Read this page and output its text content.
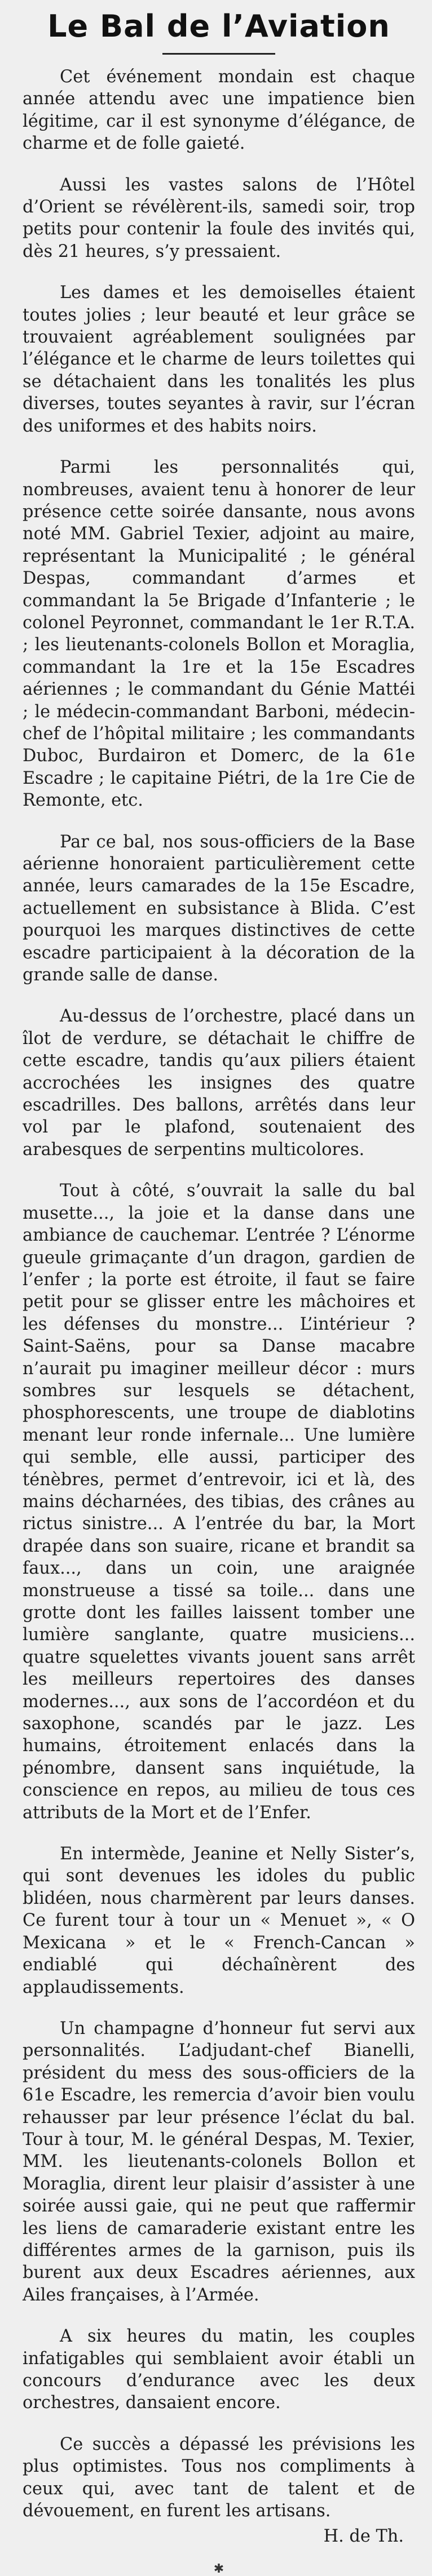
Le Bal de l’Aviation

Cet événement mondain est chaque année attendu avec une impatience bien légitime, car il est synonyme d’élégance, de charme et de folle gaieté.

Aussi les vastes salons de l’Hôtel d’Orient se révélèrent-ils, samedi soir, trop petits pour contenir la foule des invités qui, dès 21 heures, s’y pressaient.

Les dames et les demoiselles étaient toutes jolies ; leur beauté et leur grâce se trouvaient agréablement soulignées par l’élégance et le charme de leurs toilettes qui se détachaient dans les tonalités les plus diverses, toutes seyantes à ravir, sur l’écran des uniformes et des habits noirs.

Parmi les personnalités qui, nombreuses, avaient tenu à honorer de leur présence cette soirée dansante, nous avons noté MM. Gabriel Texier, adjoint au maire, représentant la Municipalité ; le général Despas, commandant d’armes et commandant la 5e Brigade d’Infanterie ; le colonel Peyronnet, commandant le 1er R.T.A. ; les lieutenants-colonels Bollon et Moraglia, commandant la 1re et la 15e Escadres aériennes ; le commandant du Génie Mattéi ; le médecin-commandant Barboni, médecin-chef de l’hôpital militaire ; les commandants Duboc, Burdairon et Domerc, de la 61e Escadre ; le capitaine Piétri, de la 1re Cie de Remonte, etc.

Par ce bal, nos sous-officiers de la Base aérienne honoraient particulièrement cette année, leurs camarades de la 15e Escadre, actuellement en subsistance à Blida. C’est pourquoi les marques distinctives de cette escadre participaient à la décoration de la grande salle de danse.

Au-dessus de l’orchestre, placé dans un îlot de verdure, se détachait le chiffre de cette escadre, tandis qu’aux piliers étaient accrochées les insignes des quatre escadrilles. Des ballons, arrêtés dans leur vol par le plafond, soutenaient des arabesques de serpentins multicolores.

Tout à côté, s’ouvrait la salle du bal musette..., la joie et la danse dans une ambiance de cauchemar. L’entrée ? L’énorme gueule grimaçante d’un dragon, gardien de l’enfer ; la porte est étroite, il faut se faire petit pour se glisser entre les mâchoires et les défenses du monstre... L’intérieur ? Saint-Saëns, pour sa Danse macabre n’aurait pu imaginer meilleur décor : murs sombres sur lesquels se détachent, phosphorescents, une troupe de diablotins menant leur ronde infernale... Une lumière qui semble, elle aussi, participer des ténèbres, permet d’entrevoir, ici et là, des mains décharnées, des tibias, des crânes au rictus sinistre... A l’entrée du bar, la Mort drapée dans son suaire, ricane et brandit sa faux..., dans un coin, une araignée monstrueuse a tissé sa toile... dans une grotte dont les failles laissent tomber une lumière sanglante, quatre musiciens... quatre squelettes vivants jouent sans arrêt les meilleurs repertoires des danses modernes..., aux sons de l’accordéon et du saxophone, scandés par le jazz. Les humains, étroitement enlacés dans la pénombre, dansent sans inquiétude, la conscience en repos, au milieu de tous ces attributs de la Mort et de l’Enfer.

En intermède, Jeanine et Nelly Sister’s, qui sont devenues les idoles du public blidéen, nous charmèrent par leurs danses. Ce furent tour à tour un « Menuet », « O Mexicana » et le « French-Cancan » endiablé qui déchaînèrent des applaudissements.

Un champagne d’honneur fut servi aux personnalités. L’adjudant-chef Bianelli, président du mess des sous-officiers de la 61e Escadre, les remercia d’avoir bien voulu rehausser par leur présence l’éclat du bal. Tour à tour, M. le général Despas, M. Texier, MM. les lieutenants-colonels Bollon et Moraglia, dirent leur plaisir d’assister à une soirée aussi gaie, qui ne peut que raffermir les liens de camaraderie existant entre les différentes armes de la garnison, puis ils burent aux deux Escadres aériennes, aux Ailes françaises, à l’Armée.

A six heures du matin, les couples infatigables qui semblaient avoir établi un concours d’endurance avec les deux orchestres, dansaient encore.

Ce succès a dépassé les prévisions les plus optimistes. Tous nos compliments à ceux qui, avec tant de talent et de dévouement, en furent les artisans.

H. de Th.
✱
